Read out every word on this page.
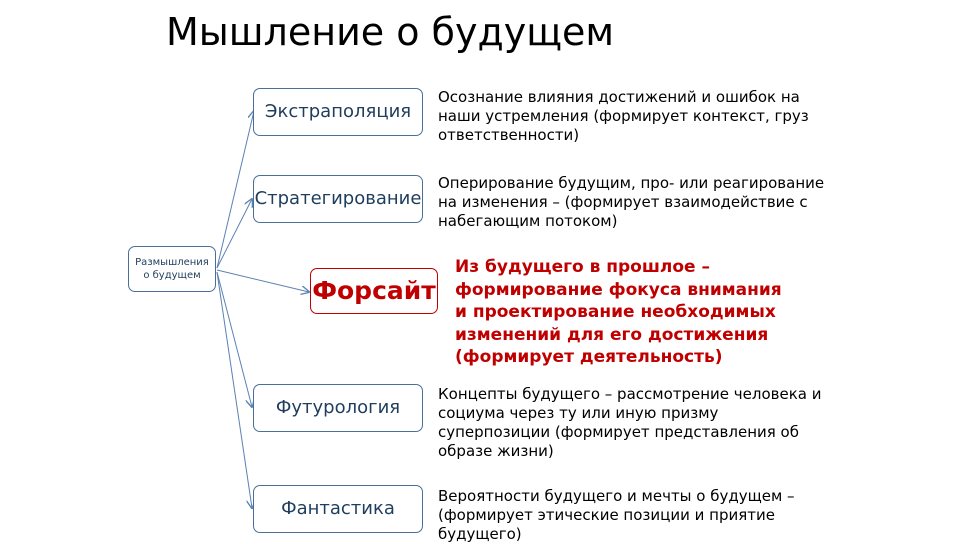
Мышление о будущем
Размышления о будущем
Экстраполяция
Осознание влияния достижений и ошибок на наши устремления (формирует контекст, груз ответственности)
Стратегирование
Оперирование будущим, про- или реагирование на изменения – (формирует взаимодействие с набегающим потоком)
Форсайт
Из будущего в прошлое – формирование фокуса внимания и проектирование необходимых изменений для его достижения (формирует деятельность)
Футурология
Концепты будущего – рассмотрение человека и социума через ту или иную призму суперпозиции (формирует представления об образе жизни)
Фантастика
Вероятности будущего и мечты о будущем – (формирует этические позиции и приятие будущего)
